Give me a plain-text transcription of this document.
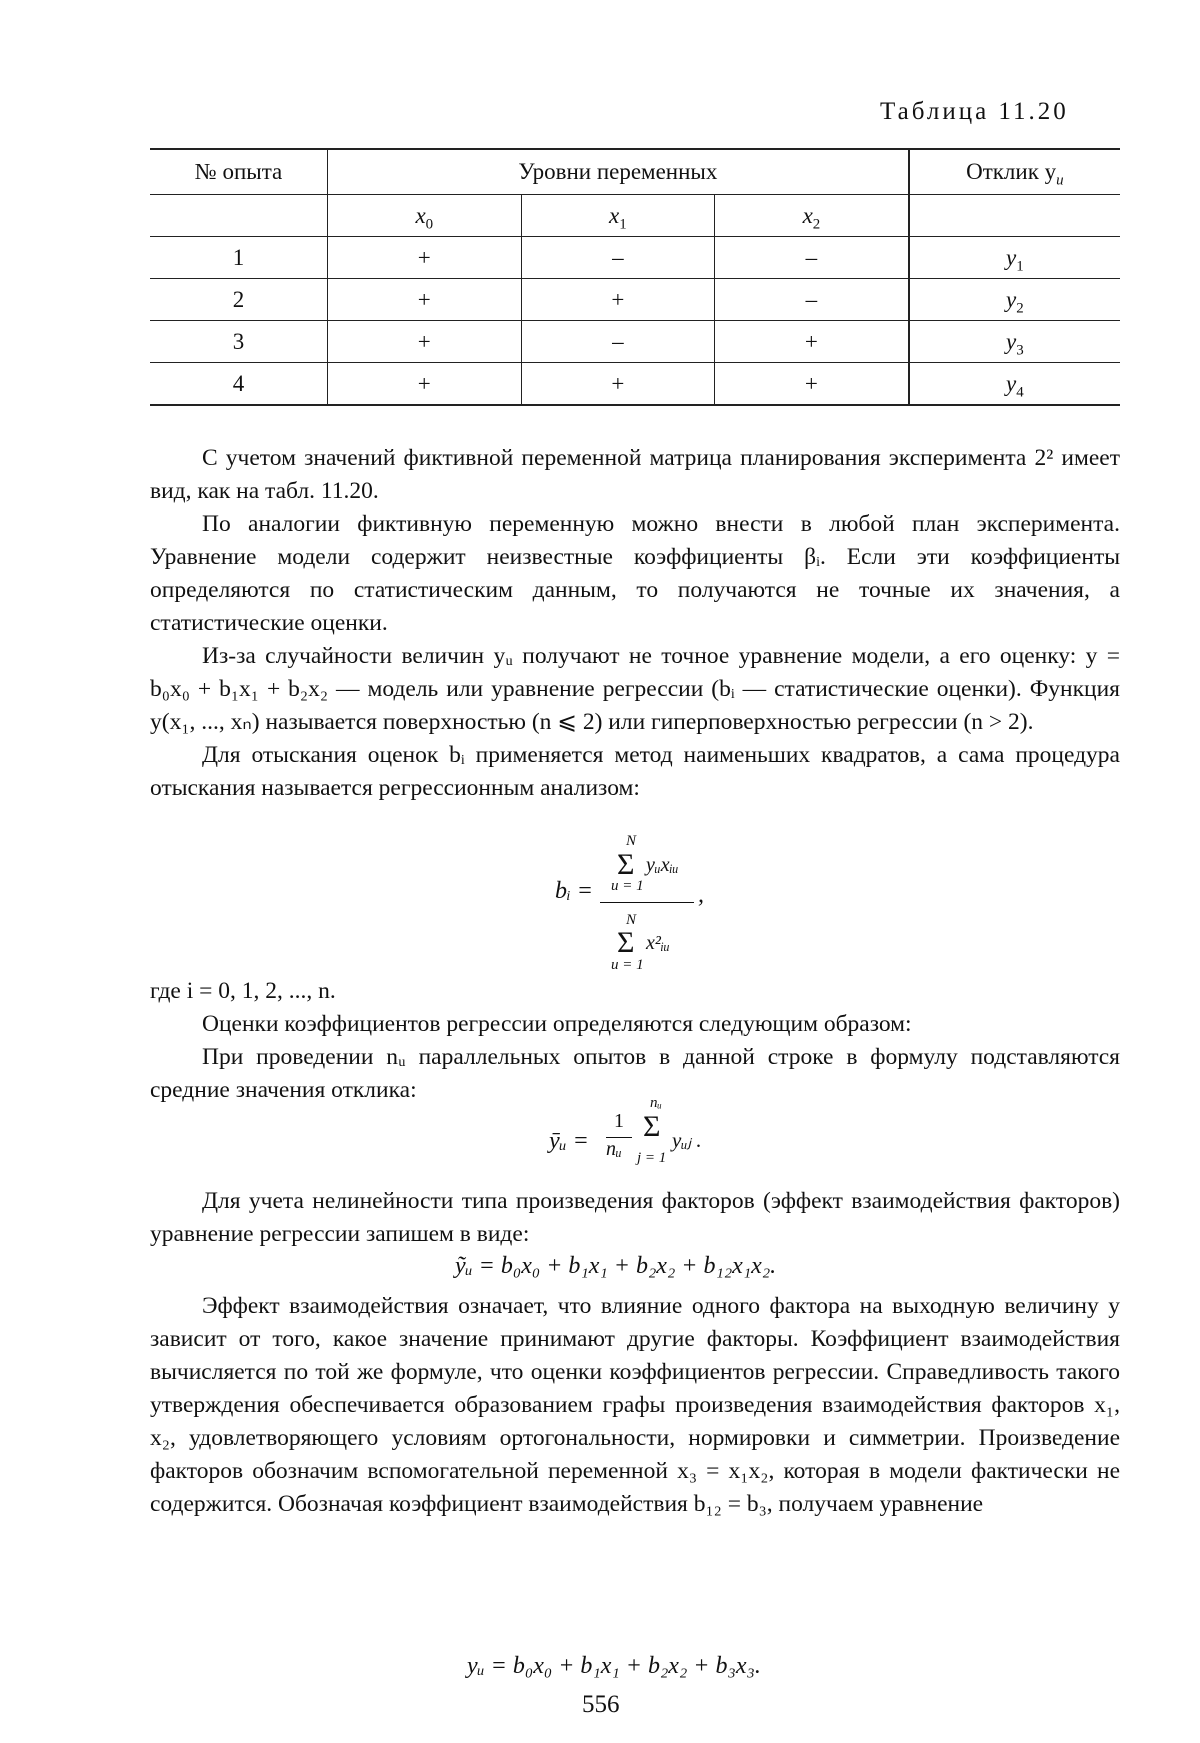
Таблица 11.20
№ опыта	Уровни переменных			Отклик $y_u$
	$x_0$	$x_1$	$x_2$	
1	+	–	–	$y_1$
2	+	+	–	$y_2$
3	+	–	+	$y_3$
4	+	+	+	$y_4$

С учетом значений фиктивной переменной матрица планирования эксперимента 2² имеет вид, как на табл. 11.20.

По аналогии фиктивную переменную можно внести в любой план эксперимента. Уравнение модели содержит неизвестные коэффициенты βᵢ. Если эти коэффициенты определяются по статистическим данным, то получаются не точные их значения, а статистические оценки.

Из-за случайности величин yᵤ получают не точное уравнение модели, а его оценку: y = b₀x₀ + b₁x₁ + b₂x₂ — модель или уравнение регрессии (bᵢ — статистические оценки). Функция y(x₁, ..., xₙ) называется поверхностью (n ⩽ 2) или гиперповерхностью регрессии (n > 2).

Для отыскания оценок bᵢ применяется метод наименьших квадратов, а сама процедура отыскания называется регрессионным анализом:

bᵢ =
N
Σ yᵤxᵢᵤ
u = 1 ,
N
Σ x²ᵢᵤ
u = 1

где i = 0, 1, 2, ..., n.

Оценки коэффициентов регрессии определяются следующим образом:

При проведении nᵤ параллельных опытов в данной строке в формулу подставляются средние значения отклика:

ȳᵤ =
1
nᵤ
nᵤ
Σ yᵤⱼ .
j = 1

Для учета нелинейности типа произведения факторов (эффект взаимодействия факторов) уравнение регрессии запишем в виде:

ỹᵤ = b₀x₀ + b₁x₁ + b₂x₂ + b₁₂x₁x₂.

Эффект взаимодействия означает, что влияние одного фактора на выходную величину y зависит от того, какое значение принимают другие факторы. Коэффициент взаимодействия вычисляется по той же формуле, что оценки коэффициентов регрессии. Справедливость такого утверждения обеспечивается образованием графы произведения взаимодействия факторов x₁, x₂, удовлетворяющего условиям ортогональности, нормировки и симметрии. Произведение факторов обозначим вспомогательной переменной x₃ = x₁x₂, которая в модели фактически не содержится. Обозначая коэффициент взаимодействия b₁₂ = b₃, получаем уравнение

yᵤ = b₀x₀ + b₁x₁ + b₂x₂ + b₃x₃.
556
